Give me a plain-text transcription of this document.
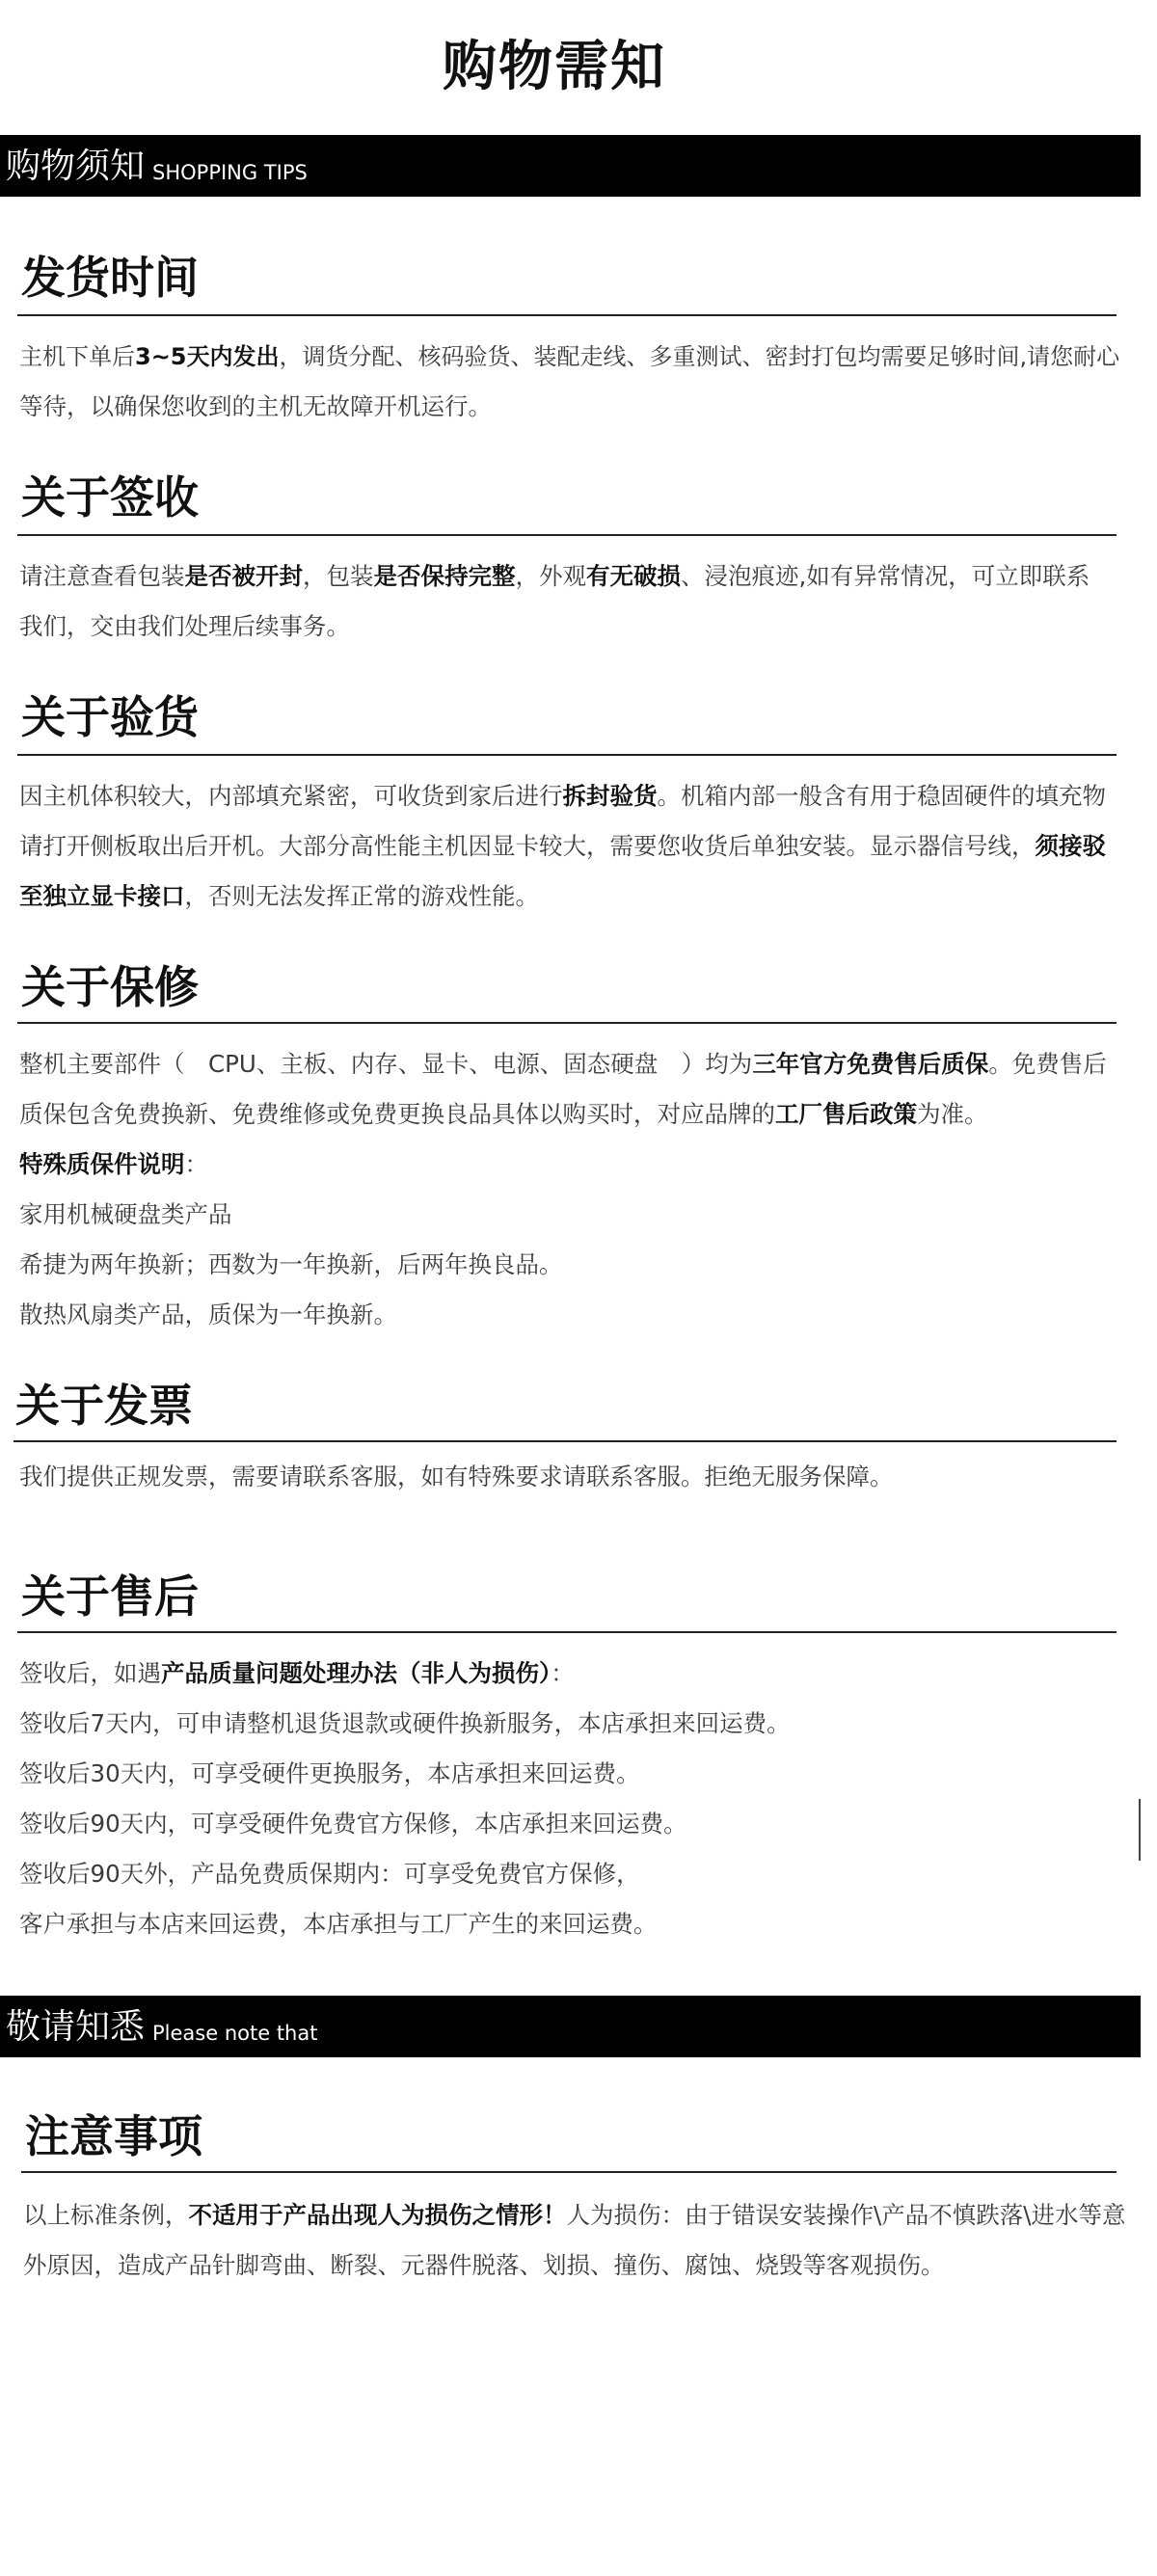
购物需知
购物须知 SHOPPING TIPS
发货时间
主机下单后3~5天内发出，调货分配、核码验货、装配走线、多重测试、密封打包均需要足够时间,请您耐心
等待，以确保您收到的主机无故障开机运行。
关于签收
请注意查看包装是否被开封，包装是否保持完整，外观有无破损、浸泡痕迹,如有异常情况，可立即联系
我们，交由我们处理后续事务。
关于验货
因主机体积较大，内部填充紧密，可收货到家后进行拆封验货。机箱内部一般含有用于稳固硬件的填充物
请打开侧板取出后开机。大部分高性能主机因显卡较大，需要您收货后单独安装。显示器信号线，须接驳
至独立显卡接口，否则无法发挥正常的游戏性能。
关于保修
整机主要部件（　CPU、主板、内存、显卡、电源、固态硬盘　）均为三年官方免费售后质保。免费售后
质保包含免费换新、免费维修或免费更换良品具体以购买时，对应品牌的工厂售后政策为准。
特殊质保件说明：
家用机械硬盘类产品
希捷为两年换新；西数为一年换新，后两年换良品。
散热风扇类产品，质保为一年换新。
关于发票
我们提供正规发票，需要请联系客服，如有特殊要求请联系客服。拒绝无服务保障。
关于售后
签收后，如遇产品质量问题处理办法（非人为损伤）：
签收后7天内，可申请整机退货退款或硬件换新服务，本店承担来回运费。
签收后30天内，可享受硬件更换服务，本店承担来回运费。
签收后90天内，可享受硬件免费官方保修，本店承担来回运费。
签收后90天外，产品免费质保期内：可享受免费官方保修，
客户承担与本店来回运费，本店承担与工厂产生的来回运费。
敬请知悉 Please note that
注意事项
以上标准条例，不适用于产品出现人为损伤之情形！人为损伤：由于错误安装操作\产品不慎跌落\进水等意
外原因，造成产品针脚弯曲、断裂、元器件脱落、划损、撞伤、腐蚀、烧毁等客观损伤。
